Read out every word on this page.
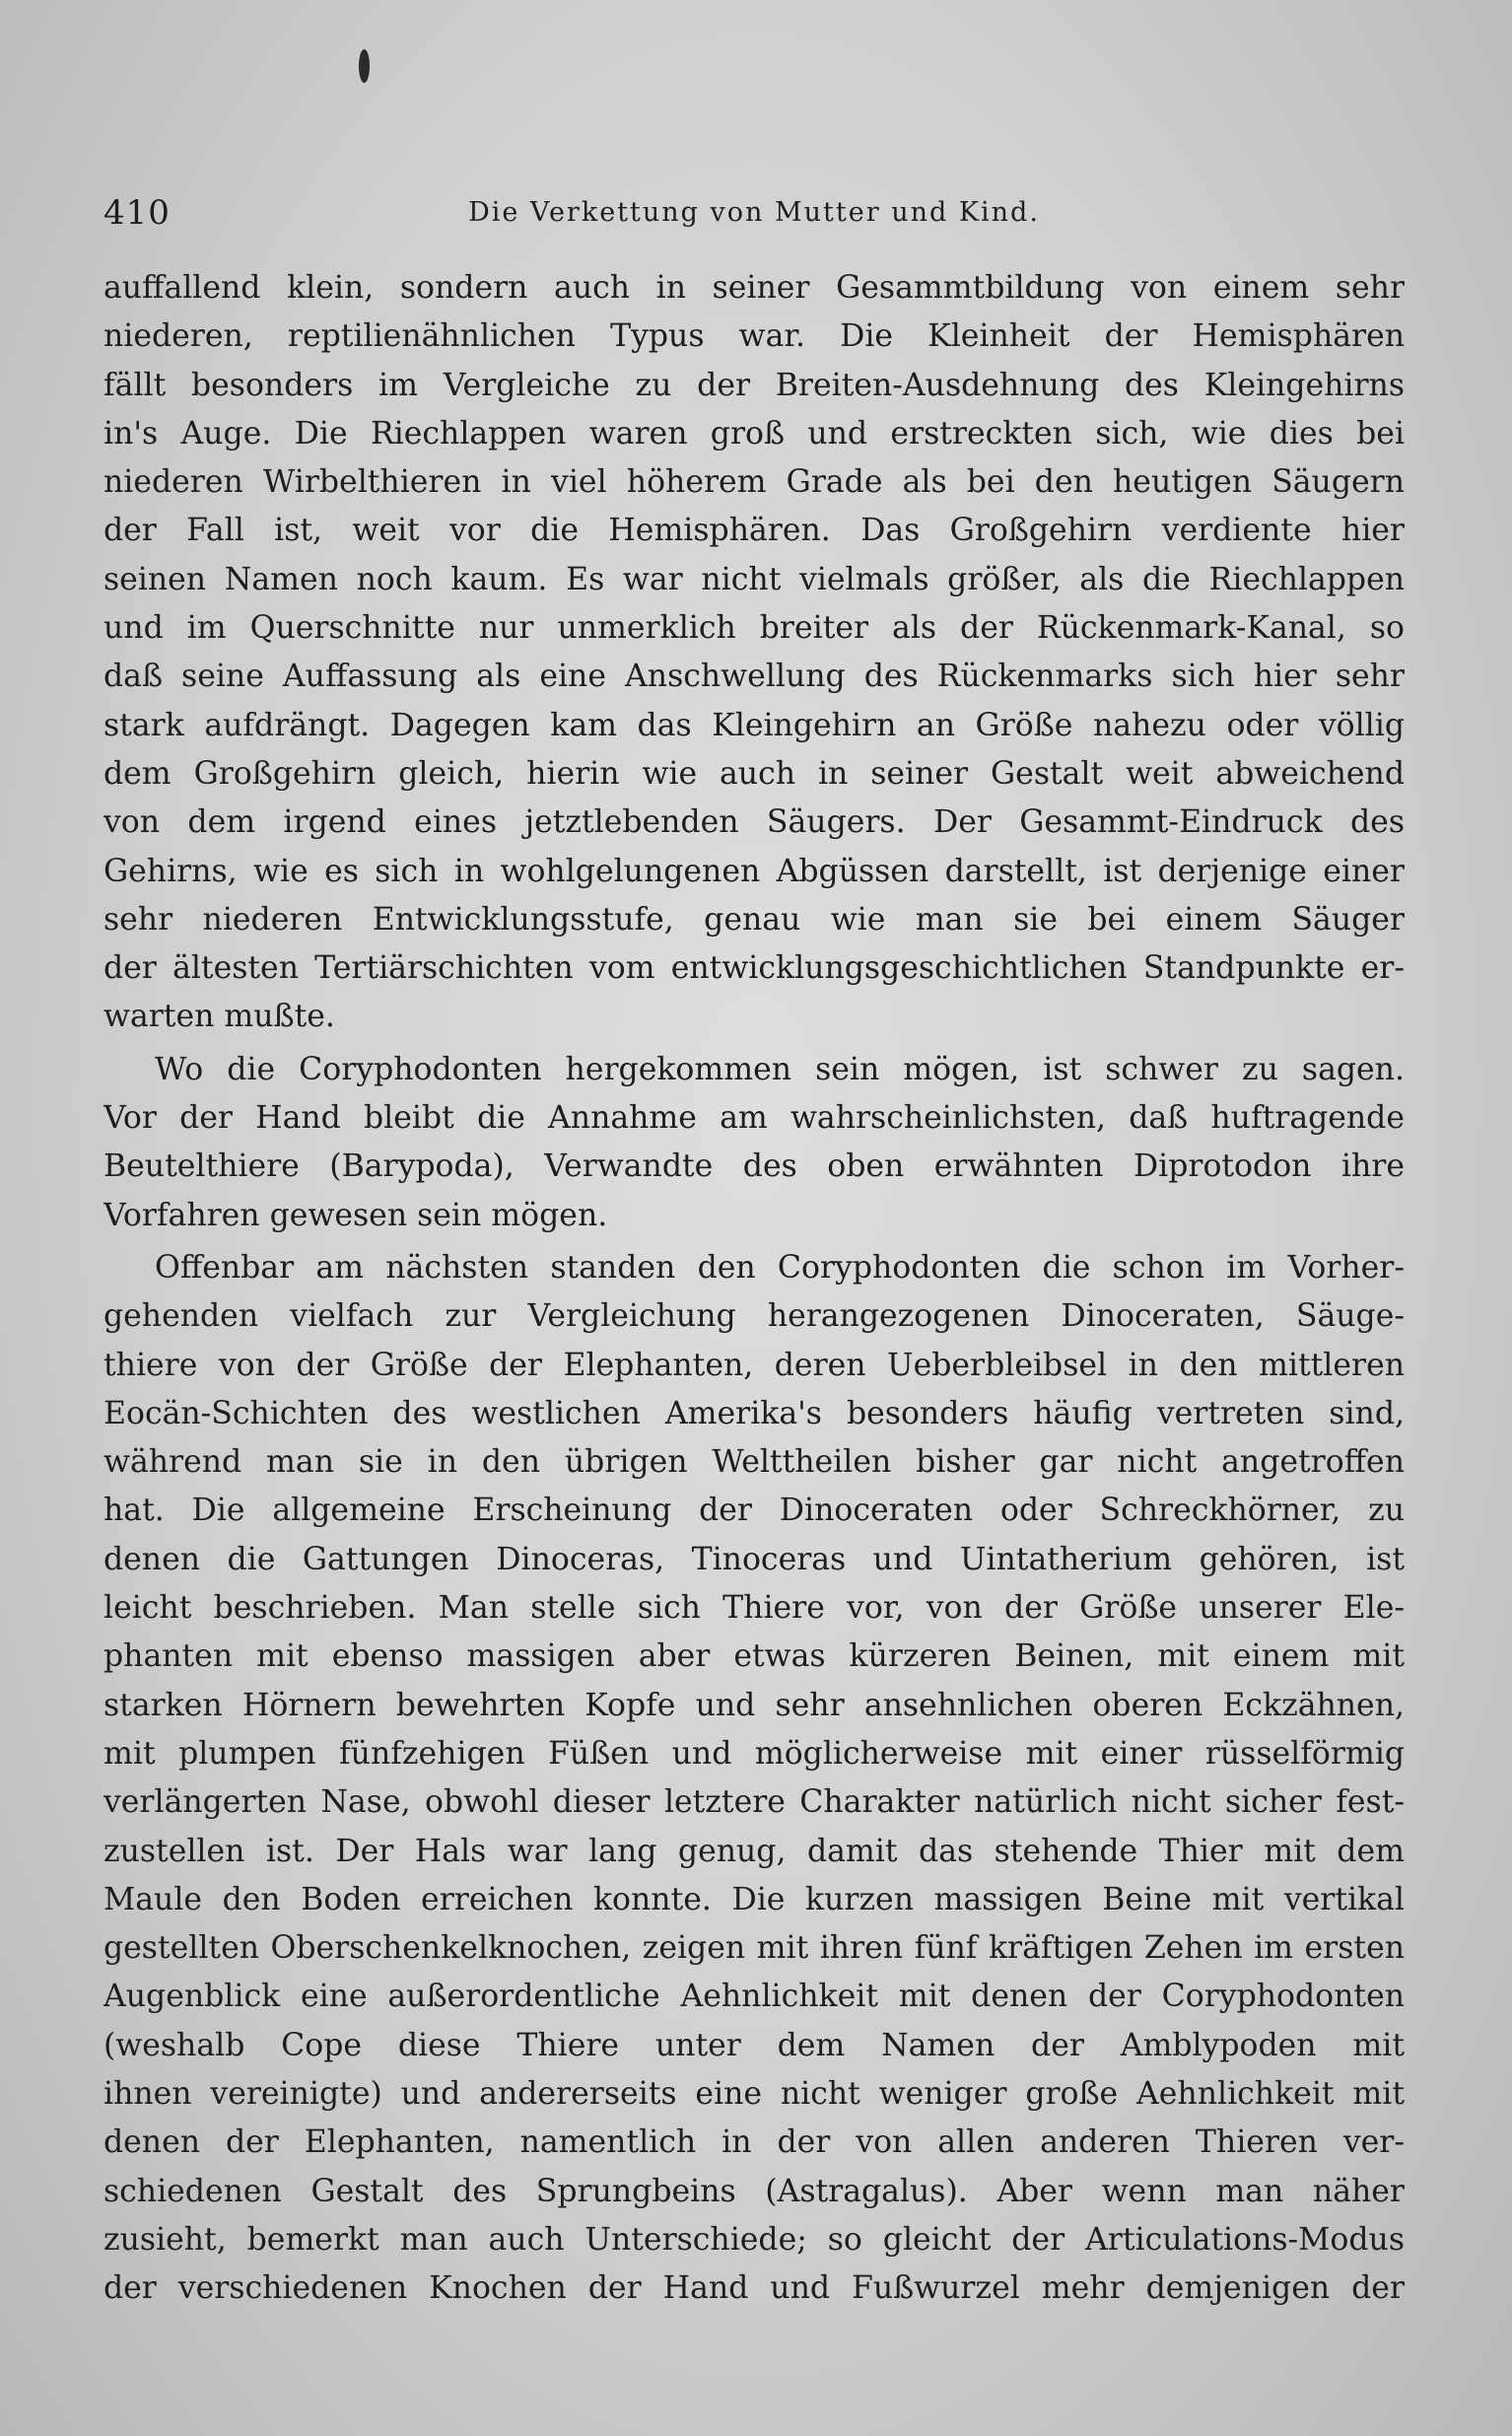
410	Die Verkettung von Mutter und Kind.
auffallend klein, sondern auch in seiner Gesammtbildung von einem sehr
niederen, reptilienähnlichen Typus war. Die Kleinheit der Hemisphären
fällt besonders im Vergleiche zu der Breiten-Ausdehnung des Kleingehirns
in's Auge. Die Riechlappen waren groß und erstreckten sich, wie dies bei
niederen Wirbelthieren in viel höherem Grade als bei den heutigen Säugern
der Fall ist, weit vor die Hemisphären. Das Großgehirn verdiente hier
seinen Namen noch kaum. Es war nicht vielmals größer, als die Riechlappen
und im Querschnitte nur unmerklich breiter als der Rückenmark-Kanal, so
daß seine Auffassung als eine Anschwellung des Rückenmarks sich hier sehr
stark aufdrängt. Dagegen kam das Kleingehirn an Größe nahezu oder völlig
dem Großgehirn gleich, hierin wie auch in seiner Gestalt weit abweichend
von dem irgend eines jetztlebenden Säugers. Der Gesammt-Eindruck des
Gehirns, wie es sich in wohlgelungenen Abgüssen darstellt, ist derjenige einer
sehr niederen Entwicklungsstufe, genau wie man sie bei einem Säuger
der ältesten Tertiärschichten vom entwicklungsgeschichtlichen Standpunkte er-
warten mußte.
Wo die Coryphodonten hergekommen sein mögen, ist schwer zu sagen.
Vor der Hand bleibt die Annahme am wahrscheinlichsten, daß huftragende
Beutelthiere (Barypoda), Verwandte des oben erwähnten Diprotodon ihre
Vorfahren gewesen sein mögen.
Offenbar am nächsten standen den Coryphodonten die schon im Vorher-
gehenden vielfach zur Vergleichung herangezogenen Dinoceraten, Säuge-
thiere von der Größe der Elephanten, deren Ueberbleibsel in den mittleren
Eocän-Schichten des westlichen Amerika's besonders häufig vertreten sind,
während man sie in den übrigen Welttheilen bisher gar nicht angetroffen
hat. Die allgemeine Erscheinung der Dinoceraten oder Schreckhörner, zu
denen die Gattungen Dinoceras, Tinoceras und Uintatherium gehören, ist
leicht beschrieben. Man stelle sich Thiere vor, von der Größe unserer Ele-
phanten mit ebenso massigen aber etwas kürzeren Beinen, mit einem mit
starken Hörnern bewehrten Kopfe und sehr ansehnlichen oberen Eckzähnen,
mit plumpen fünfzehigen Füßen und möglicherweise mit einer rüsselförmig
verlängerten Nase, obwohl dieser letztere Charakter natürlich nicht sicher fest-
zustellen ist. Der Hals war lang genug, damit das stehende Thier mit dem
Maule den Boden erreichen konnte. Die kurzen massigen Beine mit vertikal
gestellten Oberschenkelknochen, zeigen mit ihren fünf kräftigen Zehen im ersten
Augenblick eine außerordentliche Aehnlichkeit mit denen der Coryphodonten
(weshalb Cope diese Thiere unter dem Namen der Amblypoden mit
ihnen vereinigte) und andererseits eine nicht weniger große Aehnlichkeit mit
denen der Elephanten, namentlich in der von allen anderen Thieren ver-
schiedenen Gestalt des Sprungbeins (Astragalus). Aber wenn man näher
zusieht, bemerkt man auch Unterschiede; so gleicht der Articulations-Modus
der verschiedenen Knochen der Hand und Fußwurzel mehr demjenigen der
